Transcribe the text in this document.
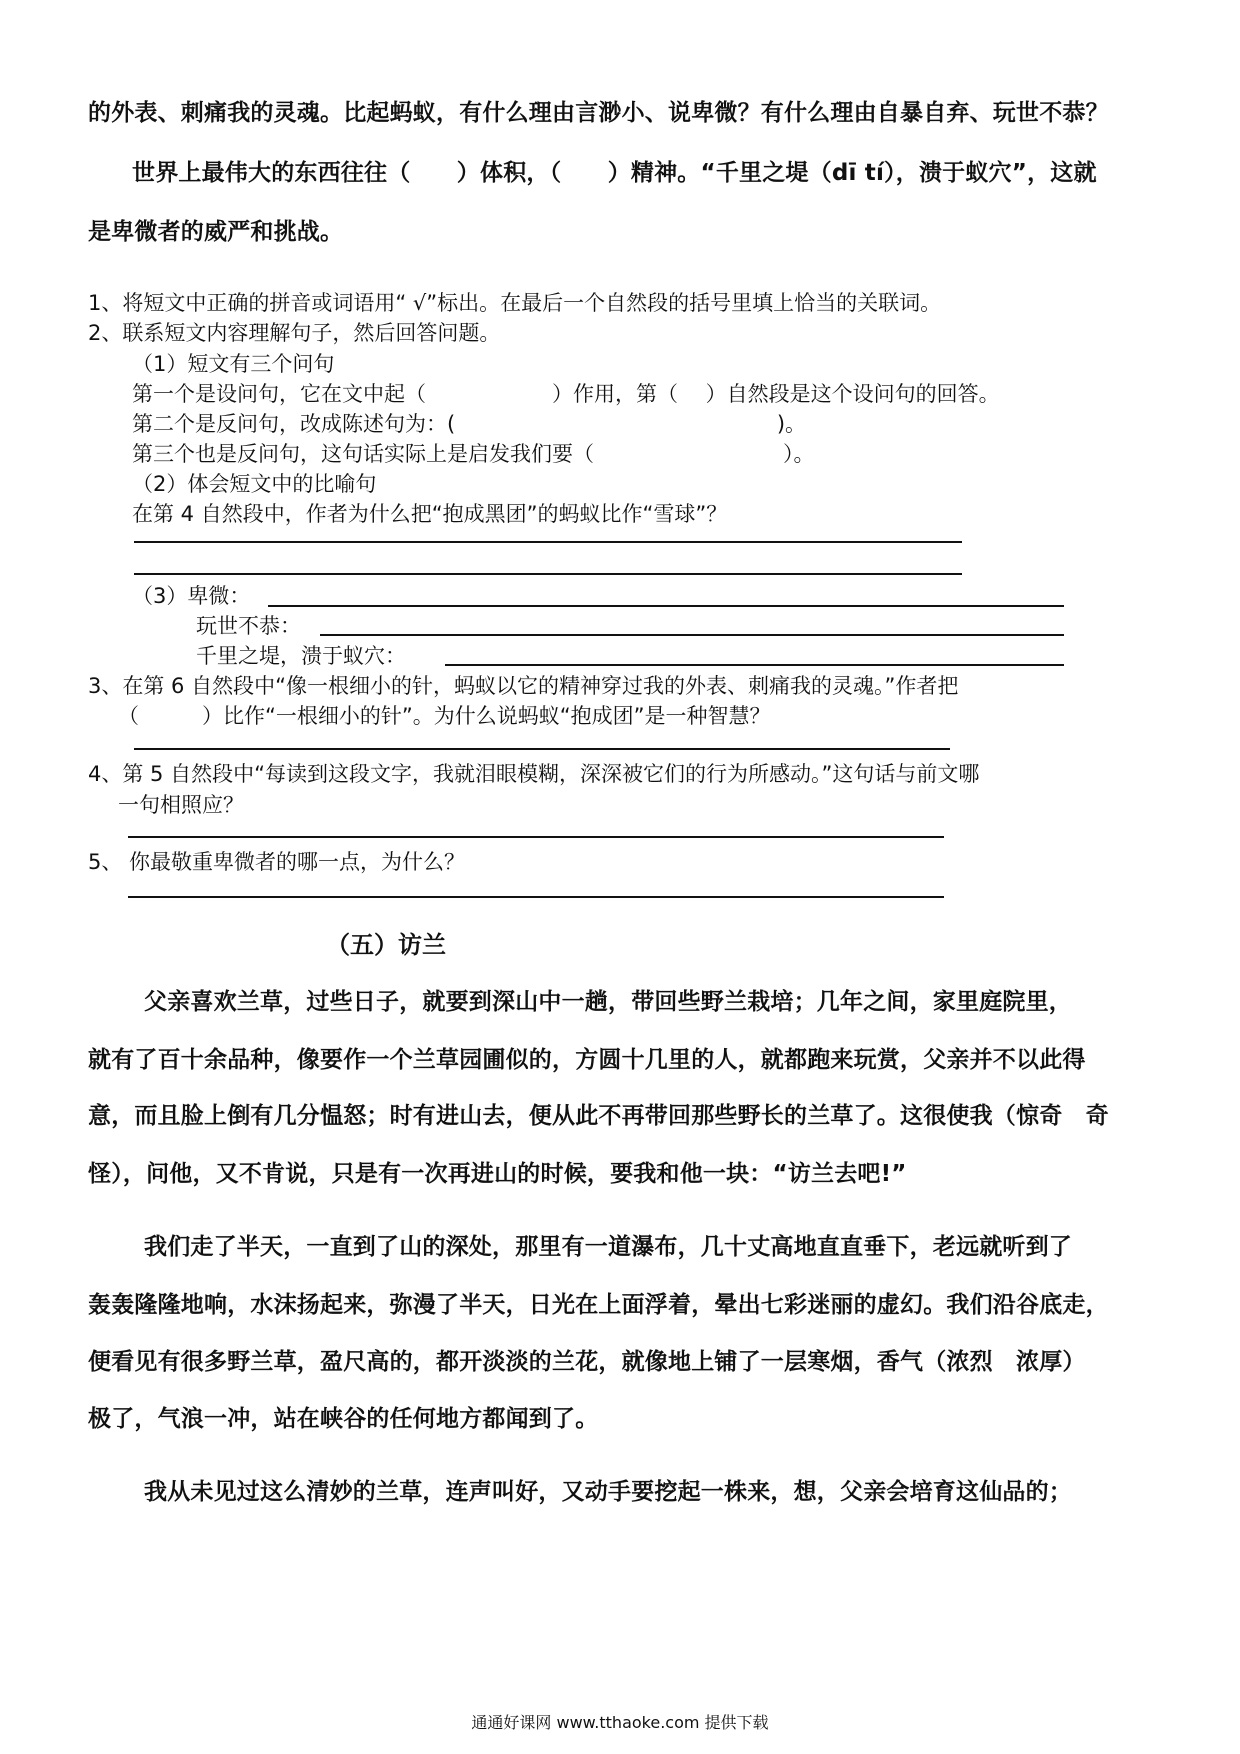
的外表、刺痛我的灵魂。比起蚂蚁，有什么理由言渺小、说卑微？有什么理由自暴自弃、玩世不恭？

世界上最伟大的东西往往（　　）体积，（　　）精神。“千里之堤（dī tí），溃于蚁穴”，这就

是卑微者的威严和挑战。

1、将短文中正确的拼音或词语用“ √”标出。在最后一个自然段的括号里填上恰当的关联词。

2、联系短文内容理解句子，然后回答问题。

（1）短文有三个问句

第一个是设问句，它在文中起（　　　　　　）作用，第（　 ）自然段是这个设问句的回答。

第二个是反问句，改成陈述句为：(　　　　　　　　　　　　　　　 )。

第三个也是反问句，这句话实际上是启发我们要（　　　　　　　　　）。

（2）体会短文中的比喻句

在第 4 自然段中，作者为什么把“抱成黑团”的蚂蚁比作“雪球”？

（3）卑微：

玩世不恭：

千里之堤，溃于蚁穴：

3、在第 6 自然段中“像一根细小的针，蚂蚁以它的精神穿过我的外表、刺痛我的灵魂。”作者把

（　　　）比作“一根细小的针”。为什么说蚂蚁“抱成团”是一种智慧？

4、第 5 自然段中“每读到这段文字，我就泪眼模糊，深深被它们的行为所感动。”这句话与前文哪

一句相照应？

5、 你最敬重卑微者的哪一点，为什么？

（五）访兰

父亲喜欢兰草，过些日子，就要到深山中一趟，带回些野兰栽培；几年之间，家里庭院里，

就有了百十余品种，像要作一个兰草园圃似的，方圆十几里的人，就都跑来玩赏，父亲并不以此得

意，而且脸上倒有几分愠怒；时有进山去，便从此不再带回那些野长的兰草了。这很使我（惊奇　奇

怪），问他，又不肯说，只是有一次再进山的时候，要我和他一块：“访兰去吧!”

我们走了半天，一直到了山的深处，那里有一道瀑布，几十丈高地直直垂下，老远就听到了

轰轰隆隆地响，水沫扬起来，弥漫了半天，日光在上面浮着，晕出七彩迷丽的虚幻。我们沿谷底走，

便看见有很多野兰草，盈尺高的，都开淡淡的兰花，就像地上铺了一层寒烟，香气（浓烈　浓厚）

极了，气浪一冲，站在峡谷的任何地方都闻到了。

我从未见过这么清妙的兰草，连声叫好，又动手要挖起一株来，想，父亲会培育这仙品的；

通通好课网 www.tthaoke.com 提供下载
